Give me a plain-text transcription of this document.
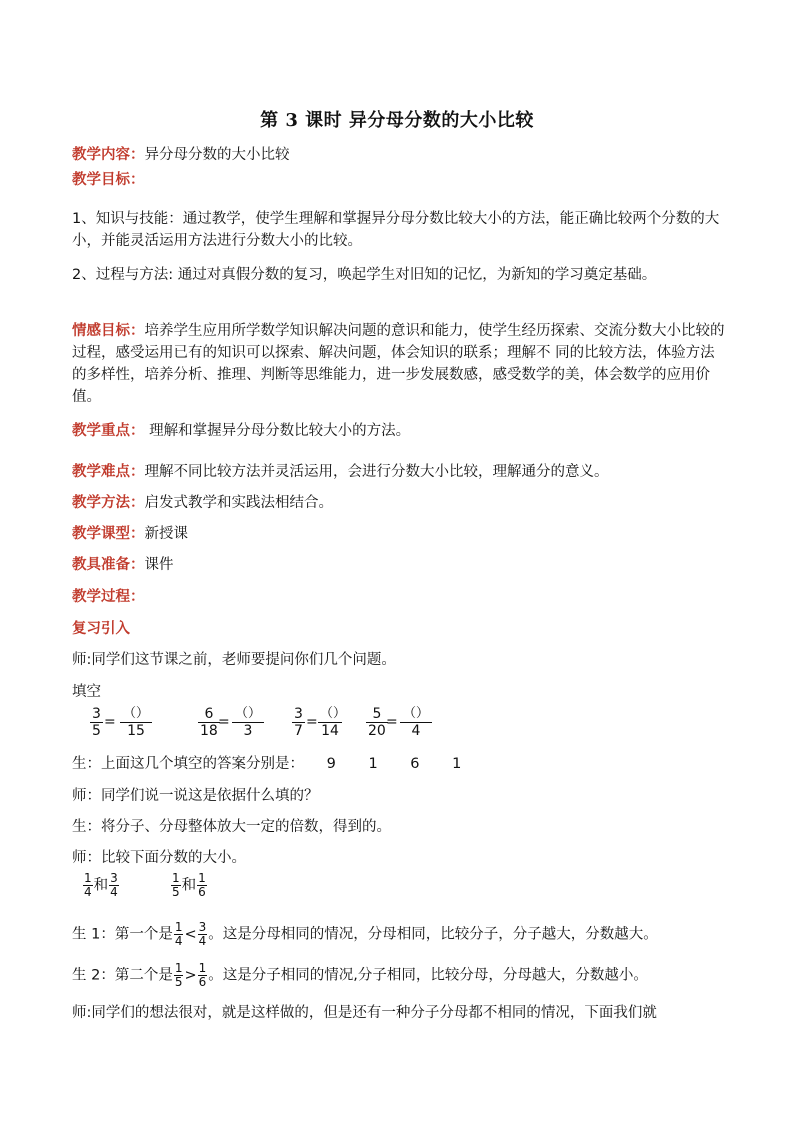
第 3 课时 异分母分数的大小比较
教学内容：异分母分数的大小比较
教学目标：
1、知识与技能：通过教学，使学生理解和掌握异分母分数比较大小的方法，能正确比较两个分数的大小，并能灵活运用方法进行分数大小的比较。
2、过程与方法: 通过对真假分数的复习，唤起学生对旧知的记忆，为新知的学习奠定基础。
情感目标：培养学生应用所学数学知识解决问题的意识和能力，使学生经历探索、交流分数大小比较的过程，感受运用已有的知识可以探索、解决问题，体会知识的联系；理解不 同的比较方法，体验方法的多样性，培养分析、推理、判断等思维能力，进一步发展数感，感受数学的美，体会数学的应用价值。
教学重点： 理解和掌握异分母分数比较大小的方法。
教学难点：理解不同比较方法并灵活运用，会进行分数大小比较，理解通分的意义。
教学方法：启发式教学和实践法相结合。
教学课型：新授课
教具准备：课件
教学过程：
复习引入
师:同学们这节课之前，老师要提问你们几个问题。
填空
$\frac{3}{5}$ =
（）
15	$\frac{6}{18}$
=
（）
3	$\frac{3}{7}$ =
（）
$14 \frac{5}{20}$
=
（）
4
生：上面这几个填空的答案分别是： 9 1 6 1
师：同学们说一说这是依据什么填的？
生：将分子、分母整体放大一定的倍数，得到的。
师：比较下面分数的大小。
$\frac{1}{4}$ 和 $\frac{3}{4}$	$\frac{1}{5}$ 和 $\frac{1}{6}$
生 1：第一个是 $\frac{1}{4} < \frac{3}{4}$ 。这是分母相同的情况，分母相同，比较分子，分子越大，分数越大。
生 2：第二个是 $\frac{1}{5} > \frac{1}{6}$ 。这是分子相同的情况,分子相同，比较分母，分母越大，分数越小。
师:同学们的想法很对，就是这样做的，但是还有一种分子分母都不相同的情况，下面我们就
